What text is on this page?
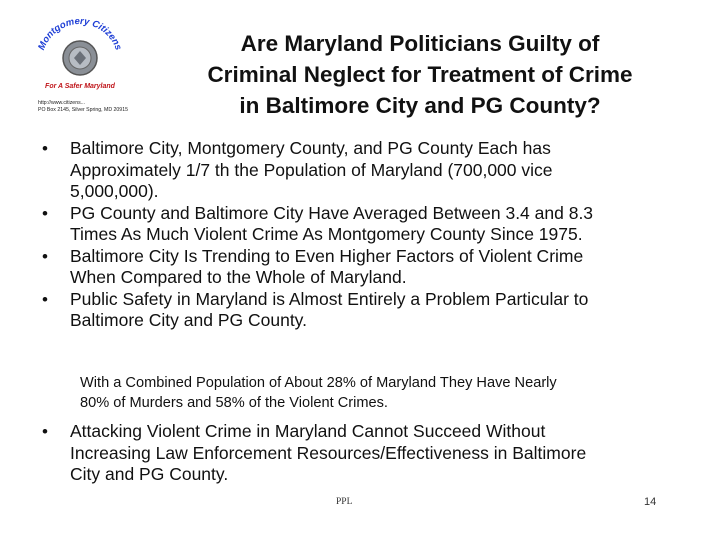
Montgomery Citizens
For A Safer Maryland
http://www.citizens...
PO Box 2145, Silver Spring, MD 20915
Are Maryland Politicians Guilty of
Criminal Neglect for Treatment of Crime
in Baltimore City and PG County?
• Baltimore City, Montgomery County, and PG County Each has
Approximately 1/7 th the Population of Maryland (700,000 vice
5,000,000).
• PG County and Baltimore City Have Averaged Between 3.4 and 8.3
Times As Much Violent Crime As Montgomery County Since 1975.
• Baltimore City Is Trending to Even Higher Factors of Violent Crime
When Compared to the Whole of Maryland.
• Public Safety in Maryland is Almost Entirely a Problem Particular to
Baltimore City and PG County.
With a Combined Population of About 28% of Maryland They Have Nearly
80% of Murders and 58% of the Violent Crimes.
• Attacking Violent Crime in Maryland Cannot Succeed Without
Increasing Law Enforcement Resources/Effectiveness in Baltimore
City and PG County.
PPL	14
